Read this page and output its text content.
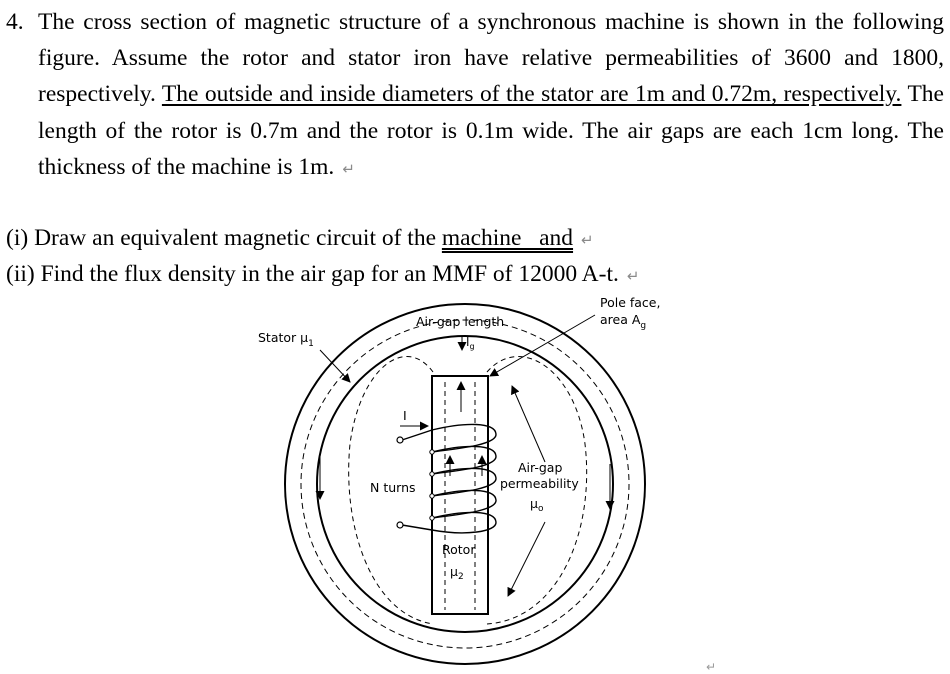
4. The cross section of magnetic structure of a synchronous machine is shown in the following figure. Assume the rotor and stator iron have relative permeabilities of 3600 and 1800, respectively. The outside and inside diameters of the stator are 1m and 0.72m, respectively. The length of the rotor is 0.7m and the rotor is 0.1m wide. The air gaps are each 1cm long. The thickness of the machine is 1m. ↵
(i) Draw an equivalent magnetic circuit of the machine   and ↵
(ii) Find the flux density in the air gap for an MMF of 12000 A-t. ↵
Stator $\mu_1$
Air-gap length
$l_g$
Pole face,
area $A_g$
I
N turns
Air-gap
permeability
$\mu_o$
Rotor
$\mu_2$
↵
